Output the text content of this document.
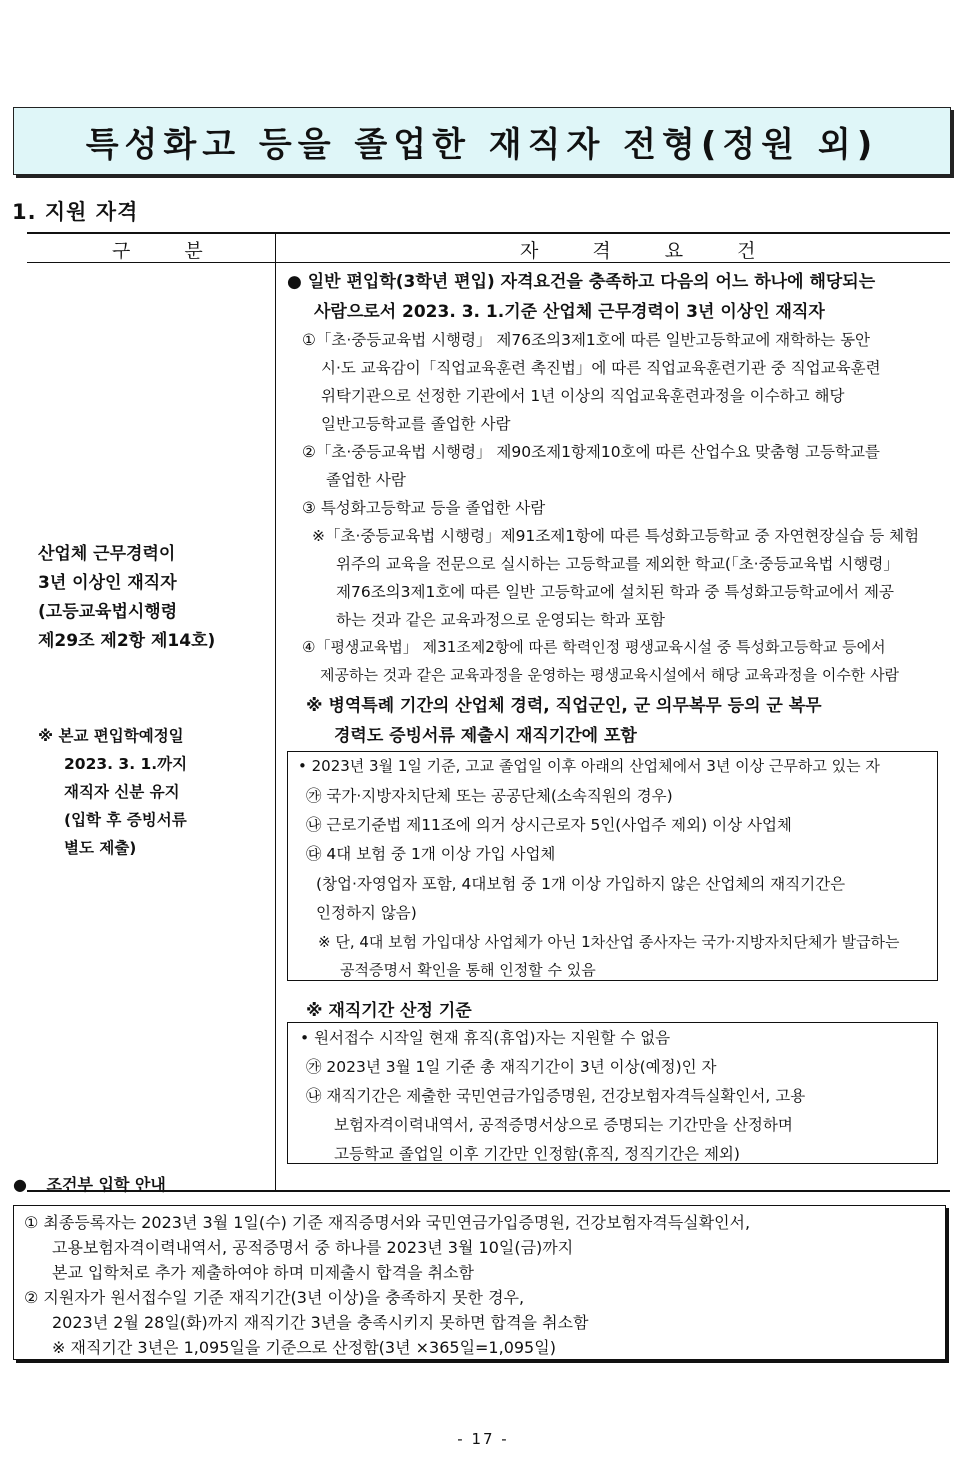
특성화고 등을 졸업한 재직자 전형(정원 외)
1. 지원 자격
구 분	자 격 요 건
산업체 근무경력이
3년 이상인 재직자
(고등교육법시행령
제29조 제2항 제14호)
※ 본교 편입학예정일
2023. 3. 1.까지
재직자 신분 유지
(입학 후 증빙서류
별도 제출)
● 일반 편입학(3학년 편입) 자격요건을 충족하고 다음의 어느 하나에 해당되는
사람으로서 2023. 3. 1.기준 산업체 근무경력이 3년 이상인 재직자
①「초·중등교육법 시행령」 제76조의3제1호에 따른 일반고등학교에 재학하는 동안
시·도 교육감이「직업교육훈련 촉진법」에 따른 직업교육훈련기관 중 직업교육훈련
위탁기관으로 선정한 기관에서 1년 이상의 직업교육훈련과정을 이수하고 해당
일반고등학교를 졸업한 사람
②「초·중등교육법 시행령」 제90조제1항제10호에 따른 산업수요 맞춤형 고등학교를
졸업한 사람
③ 특성화고등학교 등을 졸업한 사람
※「초·중등교육법 시행령」제91조제1항에 따른 특성화고등학교 중 자연현장실습 등 체험
위주의 교육을 전문으로 실시하는 고등학교를 제외한 학교(「초·중등교육법 시행령」
제76조의3제1호에 따른 일반 고등학교에 설치된 학과 중 특성화고등학교에서 제공
하는 것과 같은 교육과정으로 운영되는 학과 포함
④「평생교육법」 제31조제2항에 따른 학력인정 평생교육시설 중 특성화고등학교 등에서
제공하는 것과 같은 교육과정을 운영하는 평생교육시설에서 해당 교육과정을 이수한 사람
※ 병역특례 기간의 산업체 경력, 직업군인, 군 의무복무 등의 군 복무
경력도 증빙서류 제출시 재직기간에 포함
• 2023년 3월 1일 기준, 고교 졸업일 이후 아래의 산업체에서 3년 이상 근무하고 있는 자
㉮ 국가·지방자치단체 또는 공공단체(소속직원의 경우)
㉯ 근로기준법 제11조에 의거 상시근로자 5인(사업주 제외) 이상 사업체
㉰ 4대 보험 중 1개 이상 가입 사업체
(창업·자영업자 포함, 4대보험 중 1개 이상 가입하지 않은 산업체의 재직기간은
인정하지 않음)
※ 단, 4대 보험 가입대상 사업체가 아닌 1차산업 종사자는 국가·지방자치단체가 발급하는
공적증명서 확인을 통해 인정할 수 있음
※ 재직기간 산정 기준
• 원서접수 시작일 현재 휴직(휴업)자는 지원할 수 없음
㉮ 2023년 3월 1일 기준 총 재직기간이 3년 이상(예정)인 자
㉯ 재직기간은 제출한 국민연금가입증명원, 건강보험자격득실확인서, 고용
보험자격이력내역서, 공적증명서상으로 증명되는 기간만을 산정하며
고등학교 졸업일 이후 기간만 인정함(휴직, 정직기간은 제외)
● 조건부 입학 안내
① 최종등록자는 2023년 3월 1일(수) 기준 재직증명서와 국민연금가입증명원, 건강보험자격득실확인서,
고용보험자격이력내역서, 공적증명서 중 하나를 2023년 3월 10일(금)까지
본교 입학처로 추가 제출하여야 하며 미제출시 합격을 취소함
② 지원자가 원서접수일 기준 재직기간(3년 이상)을 충족하지 못한 경우,
2023년 2월 28일(화)까지 재직기간 3년을 충족시키지 못하면 합격을 취소함
※ 재직기간 3년은 1,095일을 기준으로 산정함(3년 ×365일=1,095일)
- 17 -
